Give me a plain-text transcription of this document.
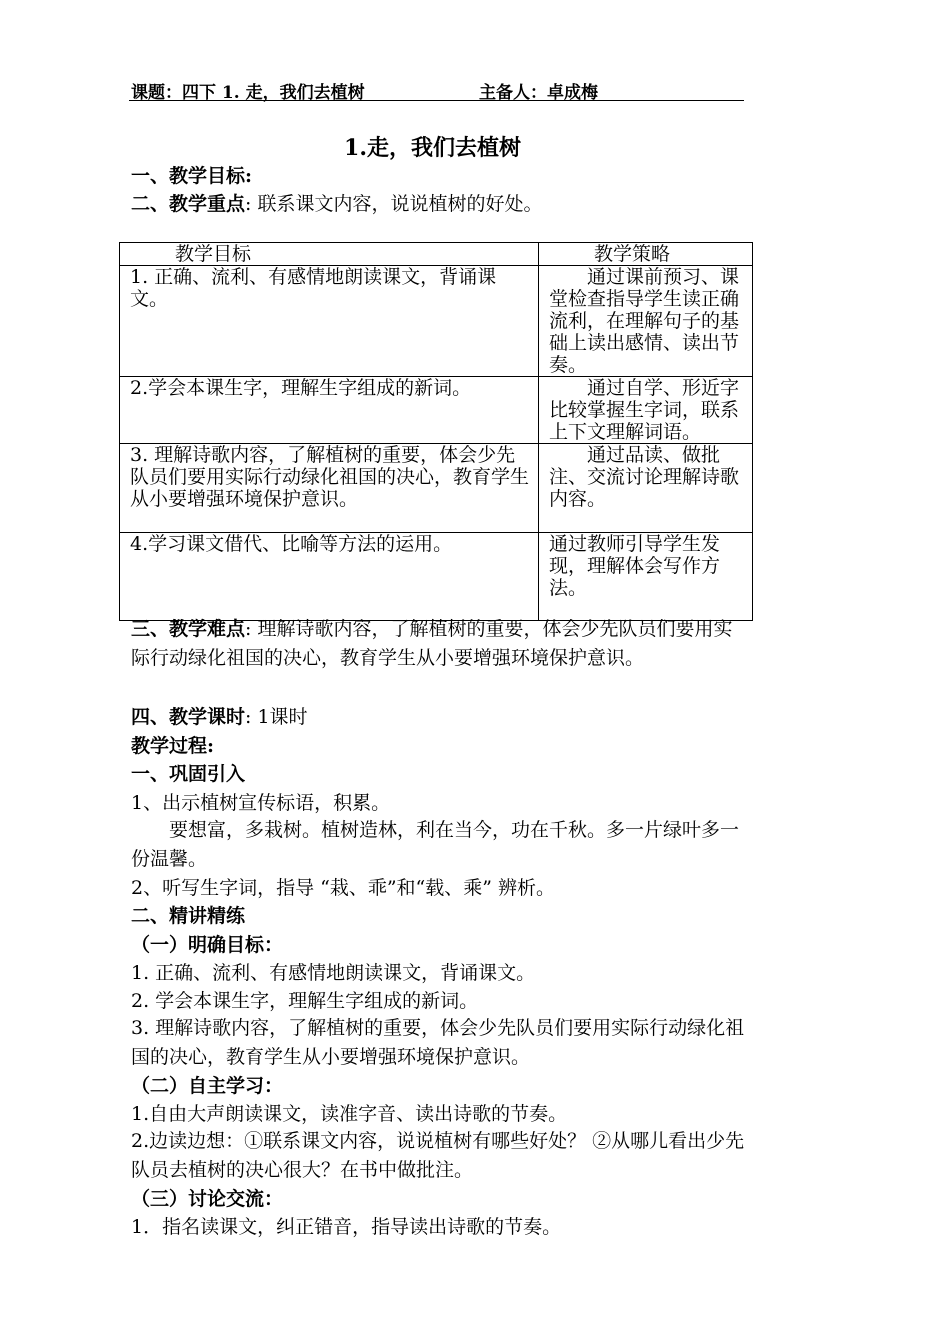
课题：四下 1. 走，我们去植树	主备人：卓成梅
1.走，我们去植树
一、教学目标:
二、教学重点: 联系课文内容，说说植树的好处。
教学目标	教学策略
1. 正确、流利、有感情地朗读课文，背诵课文。	通过课前预习、课堂检查指导学生读正确流利，在理解句子的基础上读出感情、读出节奏。
2.学会本课生字，理解生字组成的新词。	通过自学、形近字比较掌握生字词，联系上下文理解词语。
3. 理解诗歌内容，了解植树的重要，体会少先队员们要用实际行动绿化祖国的决心，教育学生从小要增强环境保护意识。	通过品读、做批注、交流讨论理解诗歌内容。
4.学习课文借代、比喻等方法的运用。	通过教师引导学生发现，理解体会写作方法。
三、教学难点: 理解诗歌内容，了解植树的重要，体会少先队员们要用实际行动绿化祖国的决心，教育学生从小要增强环境保护意识。
四、教学课时: 1课时
教学过程:
一、巩固引入
1、出示植树宣传标语，积累。
要想富，多栽树。植树造林，利在当今，功在千秋。多一片绿叶多一份温馨。
2、听写生字词，指导 “栽、乖”和“载、乘” 辨析。
二、精讲精练
（一）明确目标：
1. 正确、流利、有感情地朗读课文，背诵课文。
2. 学会本课生字，理解生字组成的新词。
3. 理解诗歌内容，了解植树的重要，体会少先队员们要用实际行动绿化祖国的决心，教育学生从小要增强环境保护意识。
（二）自主学习：
1.自由大声朗读课文，读准字音、读出诗歌的节奏。
2.边读边想：①联系课文内容，说说植树有哪些好处？ ②从哪儿看出少先队员去植树的决心很大？在书中做批注。
（三）讨论交流：
1．指名读课文，纠正错音，指导读出诗歌的节奏。
